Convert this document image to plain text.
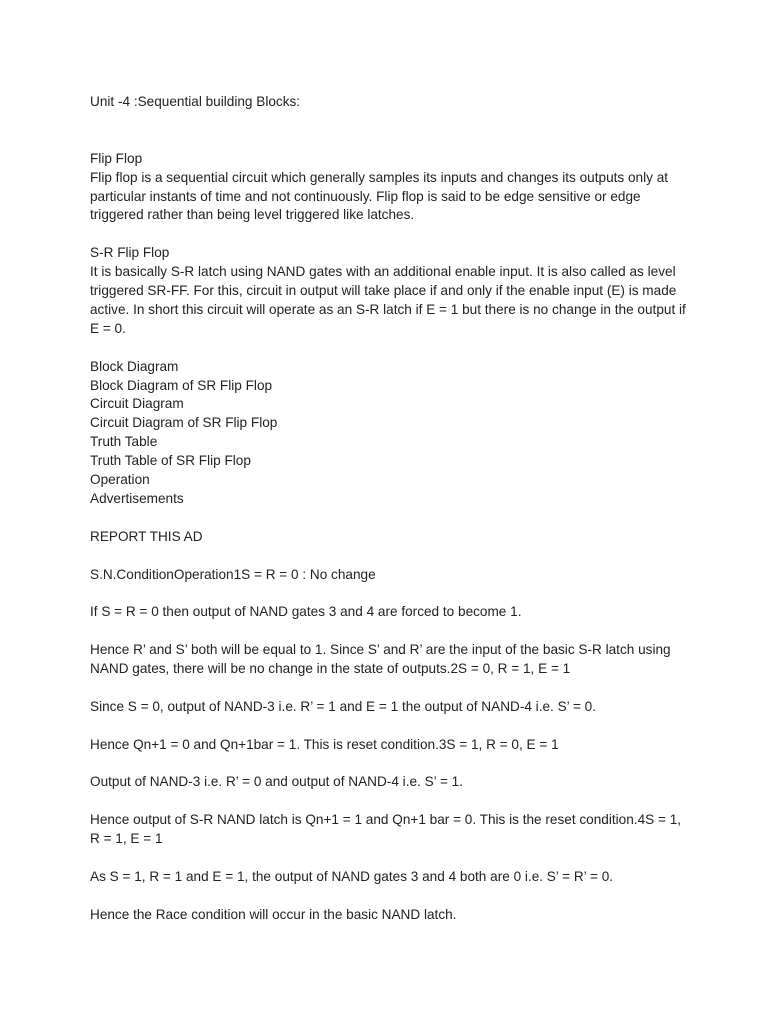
Unit -4 :Sequential building Blocks:

Flip Flop

Flip flop is a sequential circuit which generally samples its inputs and changes its outputs only at particular instants of time and not continuously. Flip flop is said to be edge sensitive or edge triggered rather than being level triggered like latches.

S-R Flip Flop

It is basically S-R latch using NAND gates with an additional enable input. It is also called as level triggered SR-FF. For this, circuit in output will take place if and only if the enable input (E) is made active. In short this circuit will operate as an S-R latch if E = 1 but there is no change in the output if E = 0.

Block Diagram

Block Diagram of SR Flip Flop

Circuit Diagram

Circuit Diagram of SR Flip Flop

Truth Table

Truth Table of SR Flip Flop

Operation

Advertisements

REPORT THIS AD

S.N.ConditionOperation1S = R = 0 : No change

If S = R = 0 then output of NAND gates 3 and 4 are forced to become 1.

Hence R’ and S’ both will be equal to 1. Since S’ and R’ are the input of the basic S-R latch using NAND gates, there will be no change in the state of outputs.2S = 0, R = 1, E = 1

Since S = 0, output of NAND-3 i.e. R’ = 1 and E = 1 the output of NAND-4 i.e. S’ = 0.

Hence Qn+1 = 0 and Qn+1bar = 1. This is reset condition.3S = 1, R = 0, E = 1

Output of NAND-3 i.e. R’ = 0 and output of NAND-4 i.e. S’ = 1.

Hence output of S-R NAND latch is Qn+1 = 1 and Qn+1 bar = 0. This is the reset condition.4S = 1, R = 1, E = 1

As S = 1, R = 1 and E = 1, the output of NAND gates 3 and 4 both are 0 i.e. S’ = R’ = 0.

Hence the Race condition will occur in the basic NAND latch.
